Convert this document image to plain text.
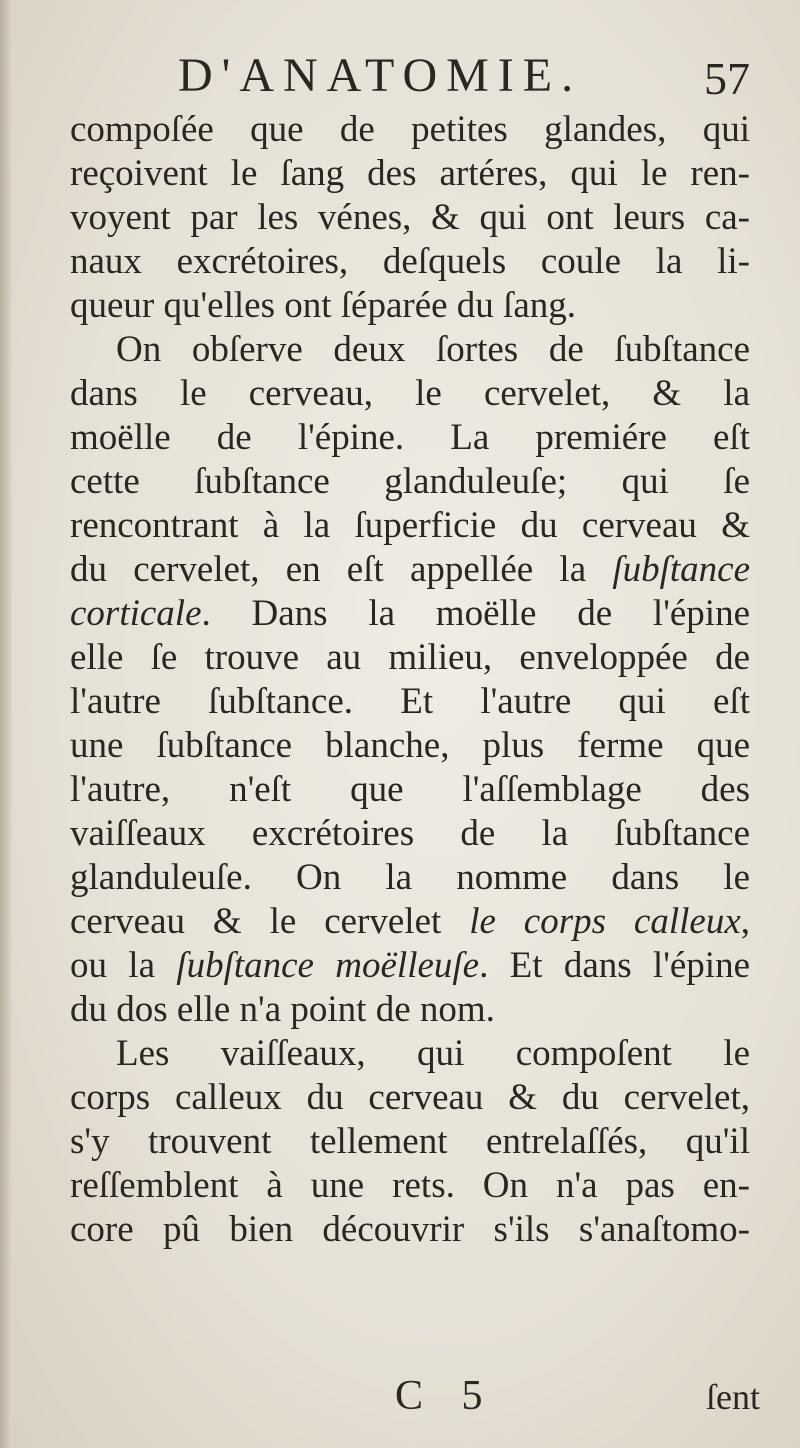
D'ANATOMIE.	57
compoſée que de petites glandes, qui
reçoivent le ſang des artéres, qui le ren-
voyent par les vénes, & qui ont leurs ca-
naux excrétoires, deſquels coule la li-
queur qu'elles ont ſéparée du ſang.
On obſerve deux ſortes de ſubſtance
dans le cerveau, le cervelet, & la
moëlle de l'épine. La premiére eſt
cette ſubſtance glanduleuſe; qui ſe
rencontrant à la ſuperficie du cerveau &
du cervelet, en eſt appellée la ſubſtance
corticale. Dans la moëlle de l'épine
elle ſe trouve au milieu, enveloppée de
l'autre ſubſtance. Et l'autre qui eſt
une ſubſtance blanche, plus ferme que
l'autre, n'eſt que l'aſſemblage des
vaiſſeaux excrétoires de la ſubſtance
glanduleuſe. On la nomme dans le
cerveau & le cervelet le corps calleux,
ou la ſubſtance moëlleuſe. Et dans l'épine
du dos elle n'a point de nom.
Les vaiſſeaux, qui compoſent le
corps calleux du cerveau & du cervelet,
s'y trouvent tellement entrelaſſés, qu'il
reſſemblent à une rets. On n'a pas en-
core pû bien découvrir s'ils s'anaſtomo-
C 5	ſent
